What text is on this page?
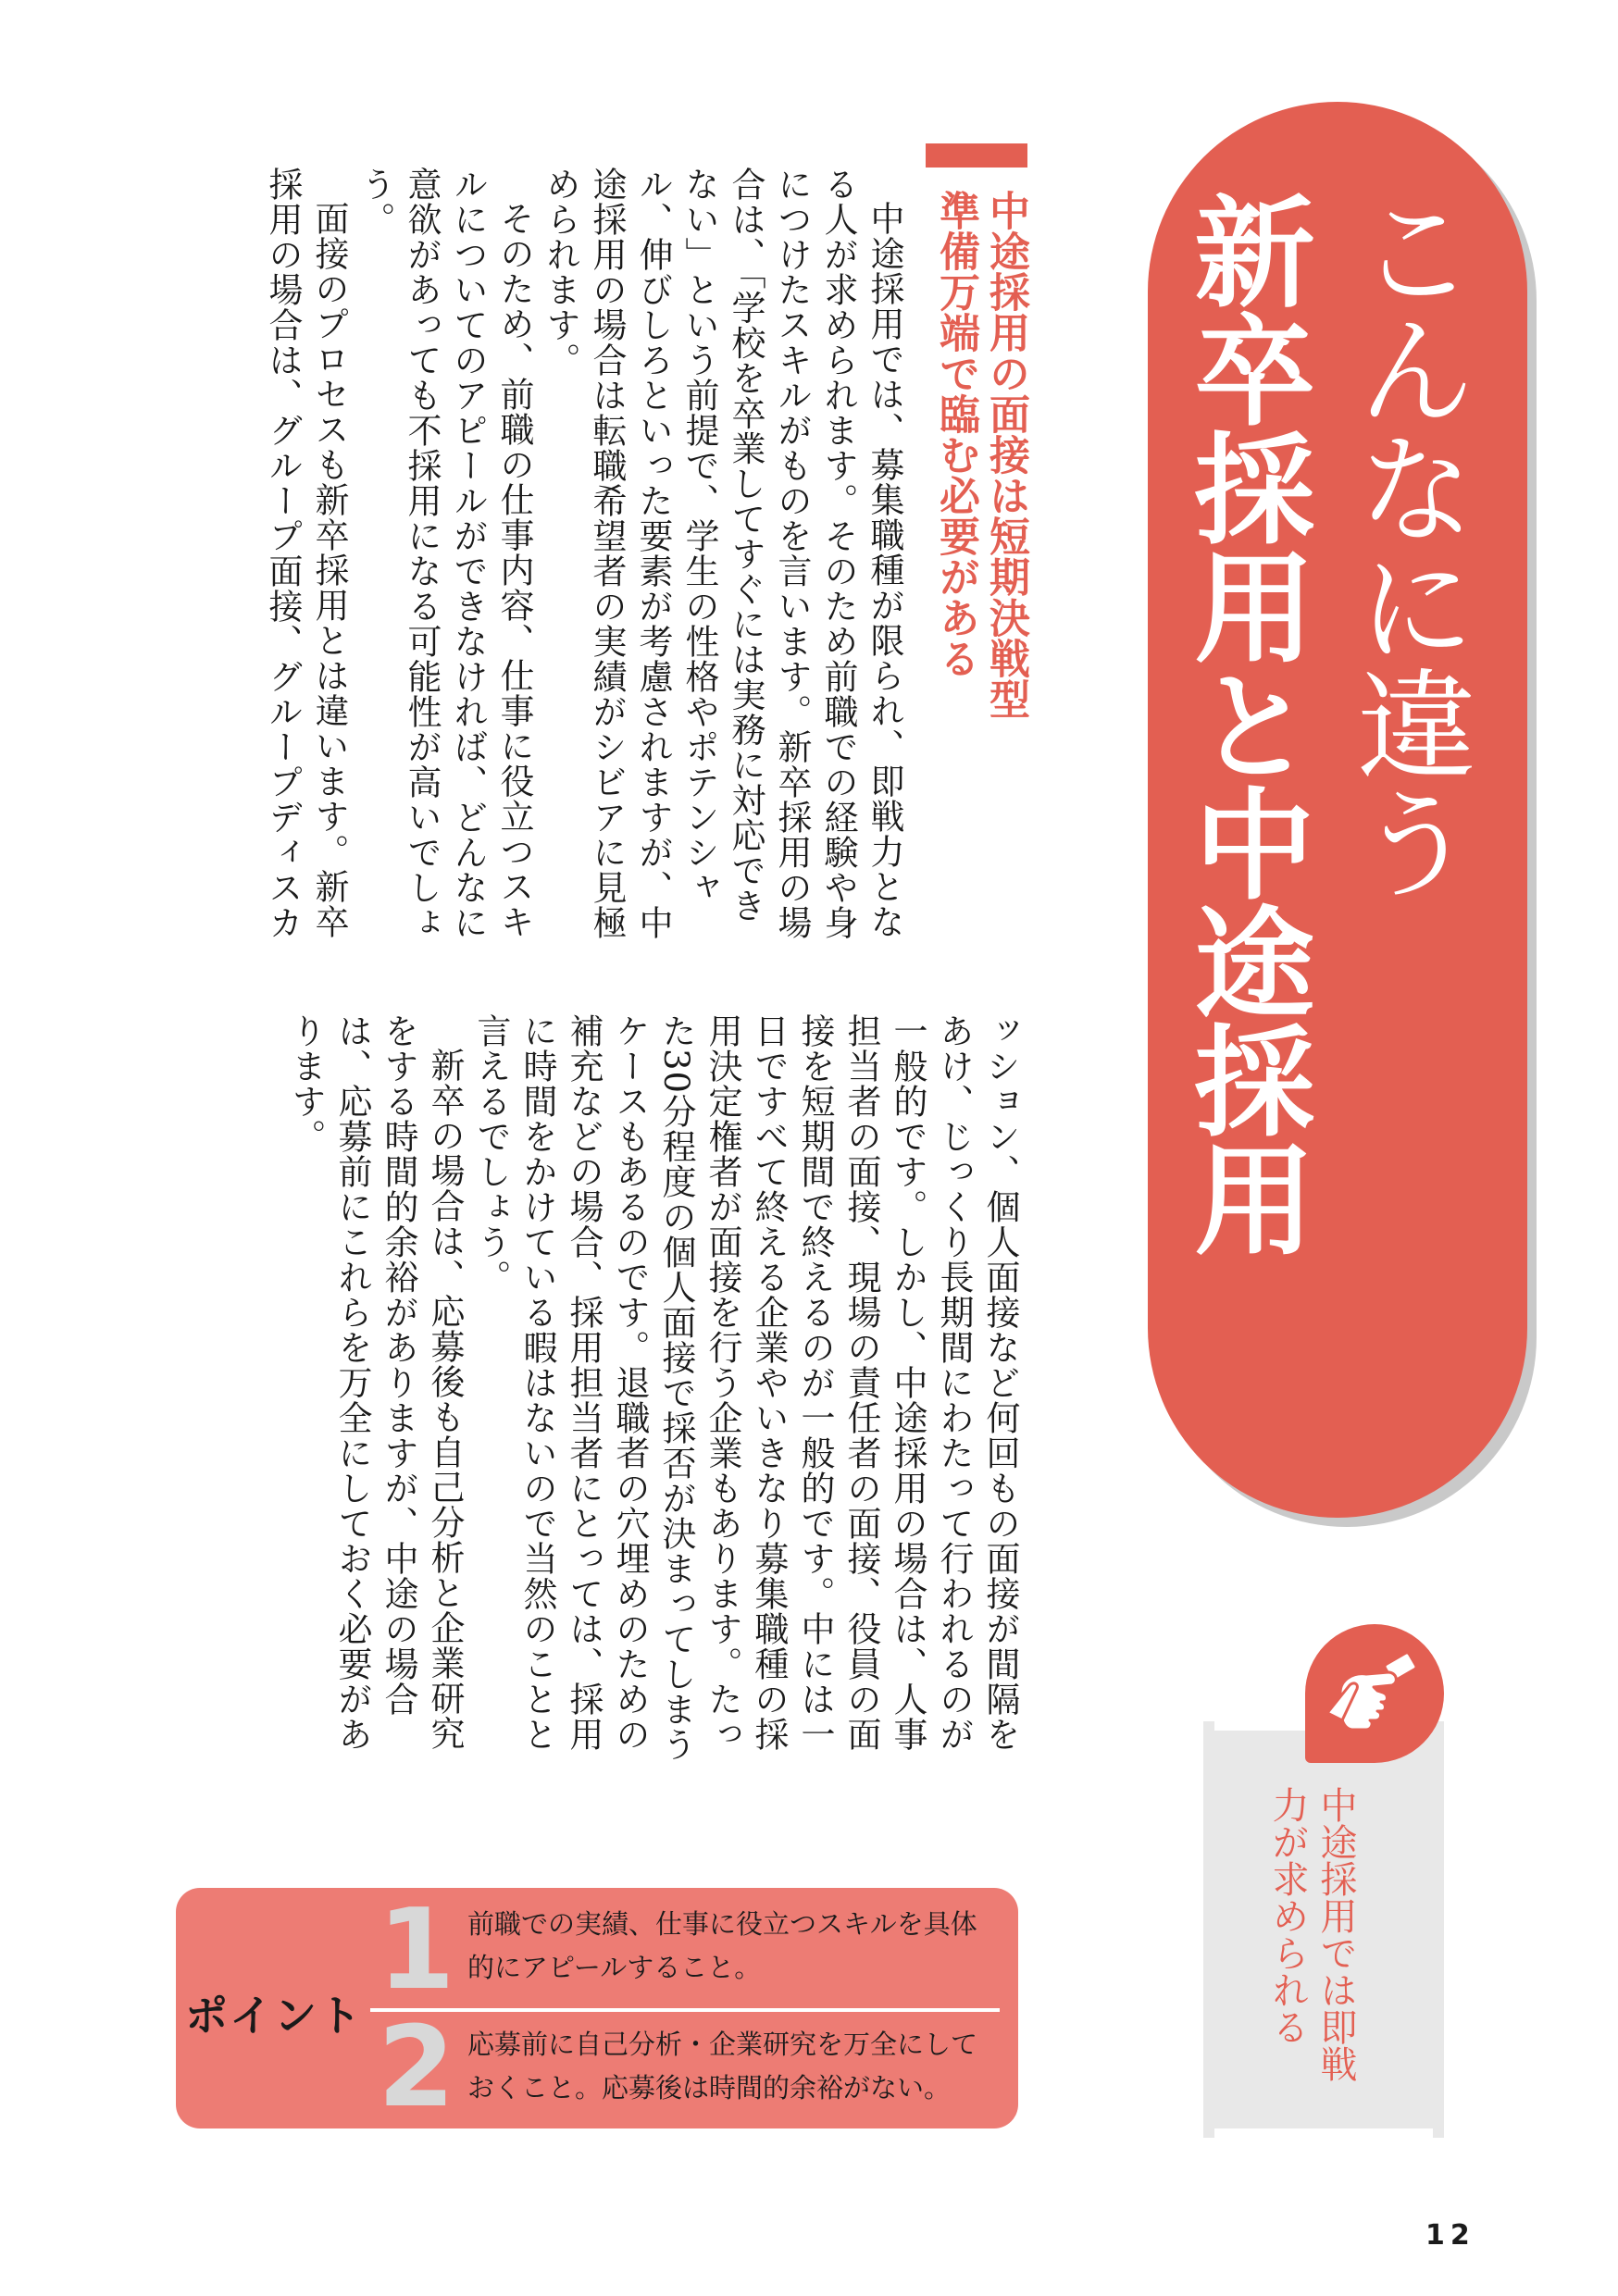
こんなに違う
新卒採用と中途採用
中途採用の面接は短期決戦型
準備万端で臨む必要がある

中途採用では、募集職種が限られ、即戦力となる人が求められます。そのため前職での経験や身につけたスキルがものを言います。新卒採用の場合は、「学校を卒業してすぐには実務に対応できない」という前提で、学生の性格やポテンシャル、伸びしろといった要素が考慮されますが、中途採用の場合は転職希望者の実績がシビアに見極められます。

そのため、前職の仕事内容、仕事に役立つスキルについてのアピールができなければ、どんなに意欲があっても不採用になる可能性が高いでしょう。

面接のプロセスも新卒採用とは違います。新卒採用の場合は、グループ面接、グループディスカ

ッション、個人面接など何回もの面接が間隔をあけ、じっくり長期間にわたって行われるのが一般的です。しかし、中途採用の場合は、人事担当者の面接、現場の責任者の面接、役員の面接を短期間で終えるのが一般的です。中には一日ですべて終える企業やいきなり募集職種の採用決定権者が面接を行う企業もあります。たった30分程度の個人面接で採否が決まってしまうケースもあるのです。退職者の穴埋めのための補充などの場合、採用担当者にとっては、採用に時間をかけている暇はないので当然のことと言えるでしょう。

新卒の場合は、応募後も自己分析と企業研究をする時間的余裕がありますが、中途の場合は、応募前にこれらを万全にしておく必要があります。

中途採用では即戦
力が求められる
ポイント
1 前職での実績、仕事に役立つスキルを具体的にアピールすること。
2 応募前に自己分析・企業研究を万全にしておくこと。応募後は時間的余裕がない。
12
